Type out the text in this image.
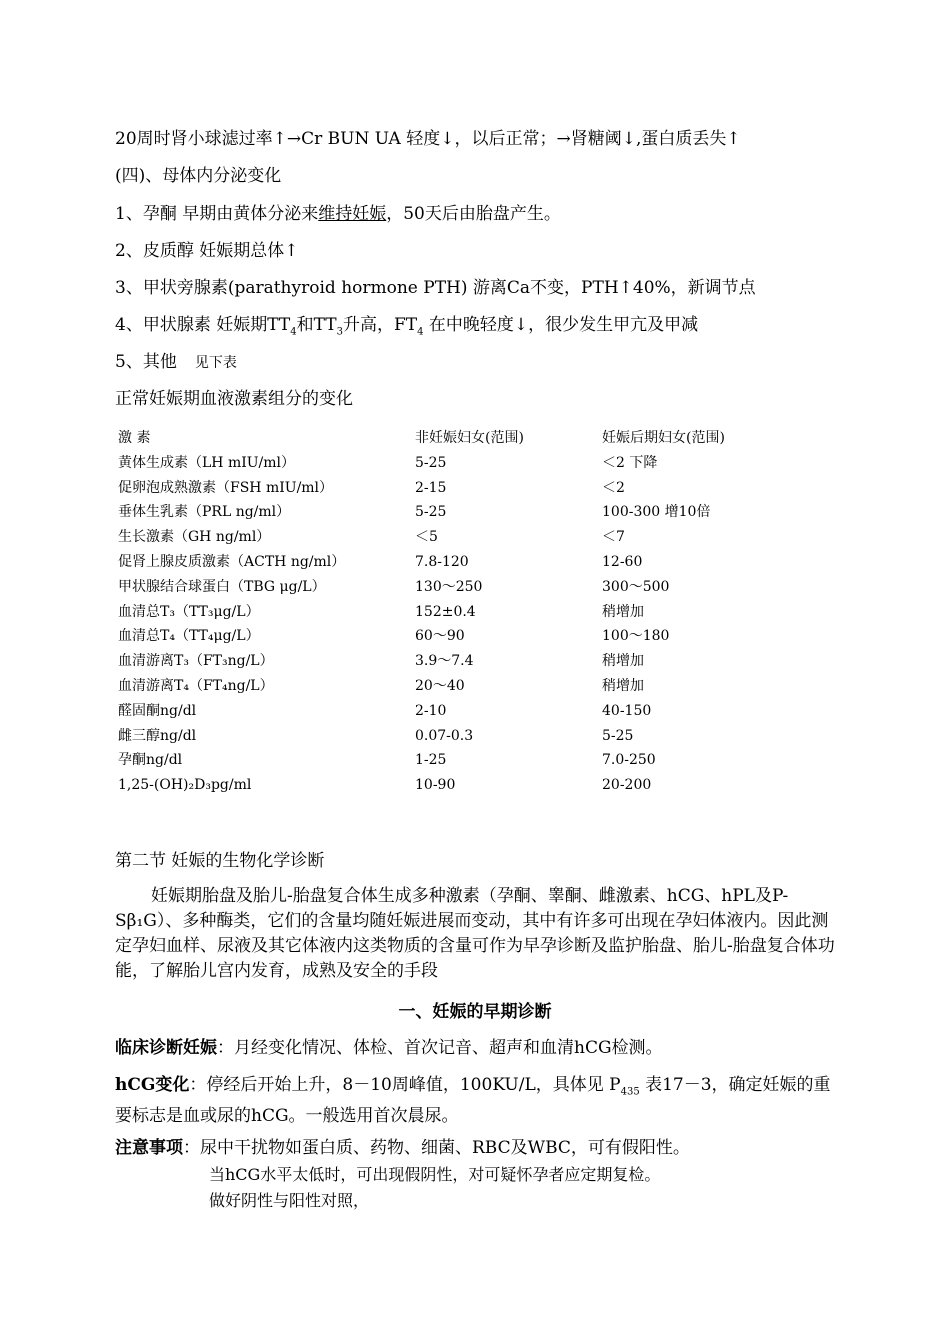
20周时肾小球滤过率↑→Cr BUN UA 轻度↓，以后正常；→肾糖阈↓,蛋白质丢失↑
(四)、母体内分泌变化
1、孕酮 早期由黄体分泌来维持妊娠，50天后由胎盘产生。
2、皮质醇 妊娠期总体↑
3、甲状旁腺素(parathyroid hormone PTH) 游离Ca不变，PTH↑40%，新调节点
4、甲状腺素 妊娠期$TT_4$和$TT_3$升高，$FT_4$ 在中晚轻度↓，很少发生甲亢及甲减
5、其他 见下表
正常妊娠期血液激素组分的变化
激 素	非妊娠妇女(范围)	妊娠后期妇女(范围)
黄体生成素（LH mIU/ml）	5-25	＜2 下降
促卵泡成熟激素（FSH mIU/ml）	2-15	＜2
垂体生乳素（PRL ng/ml）	5-25	100-300 增10倍
生长激素（GH ng/ml）	＜5	＜7
促肾上腺皮质激素（ACTH ng/ml）	7.8-120	12-60
甲状腺结合球蛋白（TBG μg/L）	130～250	300～500
血清总T₃（TT₃μg/L）	152±0.4	稍增加
血清总T₄（TT₄μg/L）	60～90	100～180
血清游离T₃（FT₃ng/L）	3.9～7.4	稍增加
血清游离T₄（FT₄ng/L）	20～40	稍增加
醛固酮ng/dl	2-10	40-150
雌三醇ng/dl	0.07-0.3	5-25
孕酮ng/dl	1-25	7.0-250
1,25-(OH)₂D₃pg/ml	10-90	20-200
第二节 妊娠的生物化学诊断
妊娠期胎盘及胎儿-胎盘复合体生成多种激素（孕酮、睾酮、雌激素、hCG、hPL及P-Sβ₁G）、多种酶类，它们的含量均随妊娠进展而变动，其中有许多可出现在孕妇体液内。因此测定孕妇血样、尿液及其它体液内这类物质的含量可作为早孕诊断及监护胎盘、胎儿-胎盘复合体功能，了解胎儿宫内发育，成熟及安全的手段
一、妊娠的早期诊断
临床诊断妊娠：月经变化情况、体检、首次记音、超声和血清hCG检测。
hCG变化：停经后开始上升，8－10周峰值，100KU/L，具体见 $P_{435}$ 表17－3，确定妊娠的重要标志是血或尿的hCG。一般选用首次晨尿。
注意事项：尿中干扰物如蛋白质、药物、细菌、RBC及WBC，可有假阳性。
当hCG水平太低时，可出现假阴性，对可疑怀孕者应定期复检。
做好阴性与阳性对照，
